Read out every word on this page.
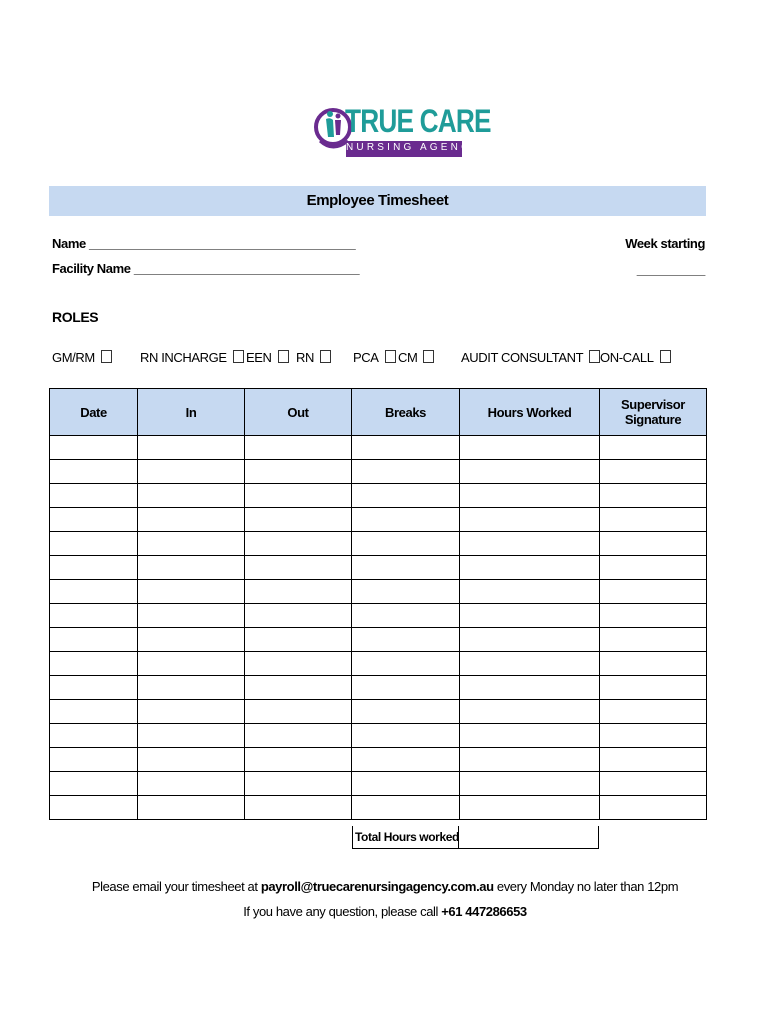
TRUE CARE
NURSING AGENCY
Employee Timesheet
Name _______________________________________
Facility Name _________________________________
Week starting
__________
ROLES
GM/RM	RN INCHARGE	EEN	RN	PCA	CM	AUDIT CONSULTANT	ON-CALL
Date	In	Out	Breaks	Hours Worked	Supervisor Signature

Total Hours worked
Please email your timesheet at payroll@truecarenursingagency.com.au every Monday no later than 12pm
If you have any question, please call +61 447286653
